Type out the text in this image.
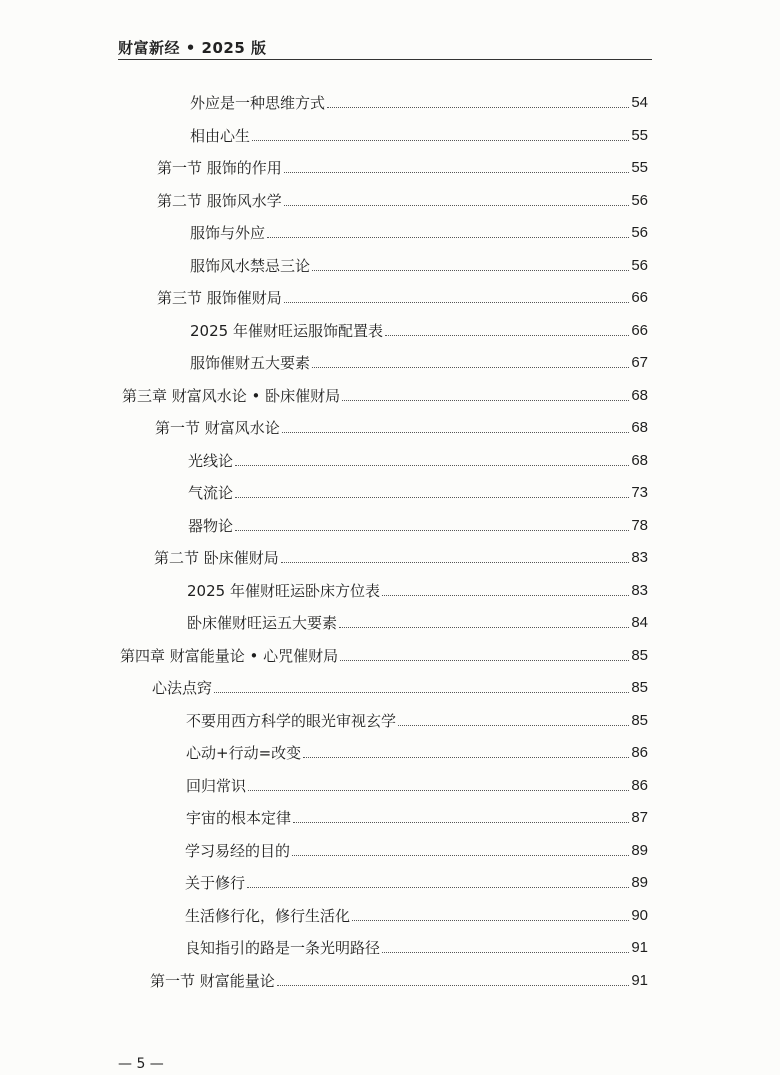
财富新经 • 2025 版
外应是一种思维方式	54
相由心生	55
第一节 服饰的作用	55
第二节 服饰风水学	56
服饰与外应	56
服饰风水禁忌三论	56
第三节 服饰催财局	66
2025 年催财旺运服饰配置表	66
服饰催财五大要素	67
第三章 财富风水论 • 卧床催财局	68
第一节 财富风水论	68
光线论	68
气流论	73
器物论	78
第二节 卧床催财局	83
2025 年催财旺运卧床方位表	83
卧床催财旺运五大要素	84
第四章 财富能量论 • 心咒催财局	85
心法点窍	85
不要用西方科学的眼光审视玄学	85
心动+行动=改变	86
回归常识	86
宇宙的根本定律	87
学习易经的目的	89
关于修行	89
生活修行化，修行生活化	90
良知指引的路是一条光明路径	91
第一节 财富能量论	91
— 5 —
